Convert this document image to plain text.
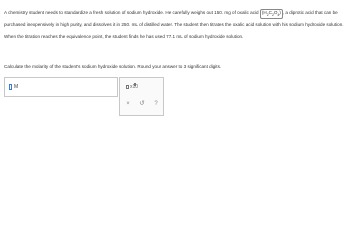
A chemistry student needs to standardize a fresh solution of sodium hydroxide. He carefully weighs out 150. mg of oxalic acid $(H_2C_2O_4)$ , a diprotic acid that can be purchased inexpensively in high purity, and dissolves it in 250. mL of distilled water. The student then titrates the oxalic acid solution with his sodium hydroxide solution. When the titration reaches the equivalence point, the student finds he has used 77.1 mL of sodium hydroxide solution.

Calculate the molarity of the student's sodium hydroxide solution. Round your answer to 3 significant digits.

M	x10
×	↺	?
